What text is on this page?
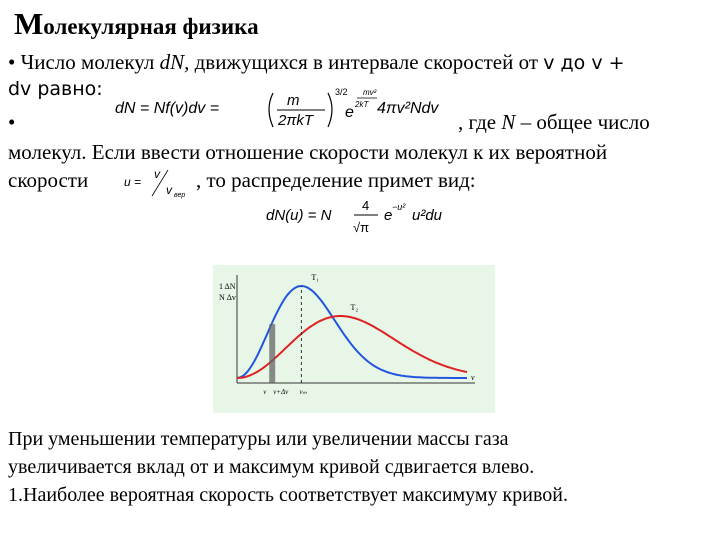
Молекулярная физика
• Число молекул dN, движущихся в интервале скоростей от v до v +
dv равно:
dN = Nf(v)dv =	m
2πkT
3/2
e
mv²
2kT 4πv²Ndv
•	, где N – общее число
молекул. Если ввести отношение скорости молекул к их вероятной
скорости	u =
v
v вер
, то распределение примет вид:
dN(u) = N
4
√π
e −u² u²du
1 ΔN
N Δv
v
T₁
T₂
v v+Δv vₘ
При уменьшении температуры или увеличении массы газа
увеличивается вклад от и максимум кривой сдвигается влево.
1.Наиболее вероятная скорость соответствует максимуму кривой.
